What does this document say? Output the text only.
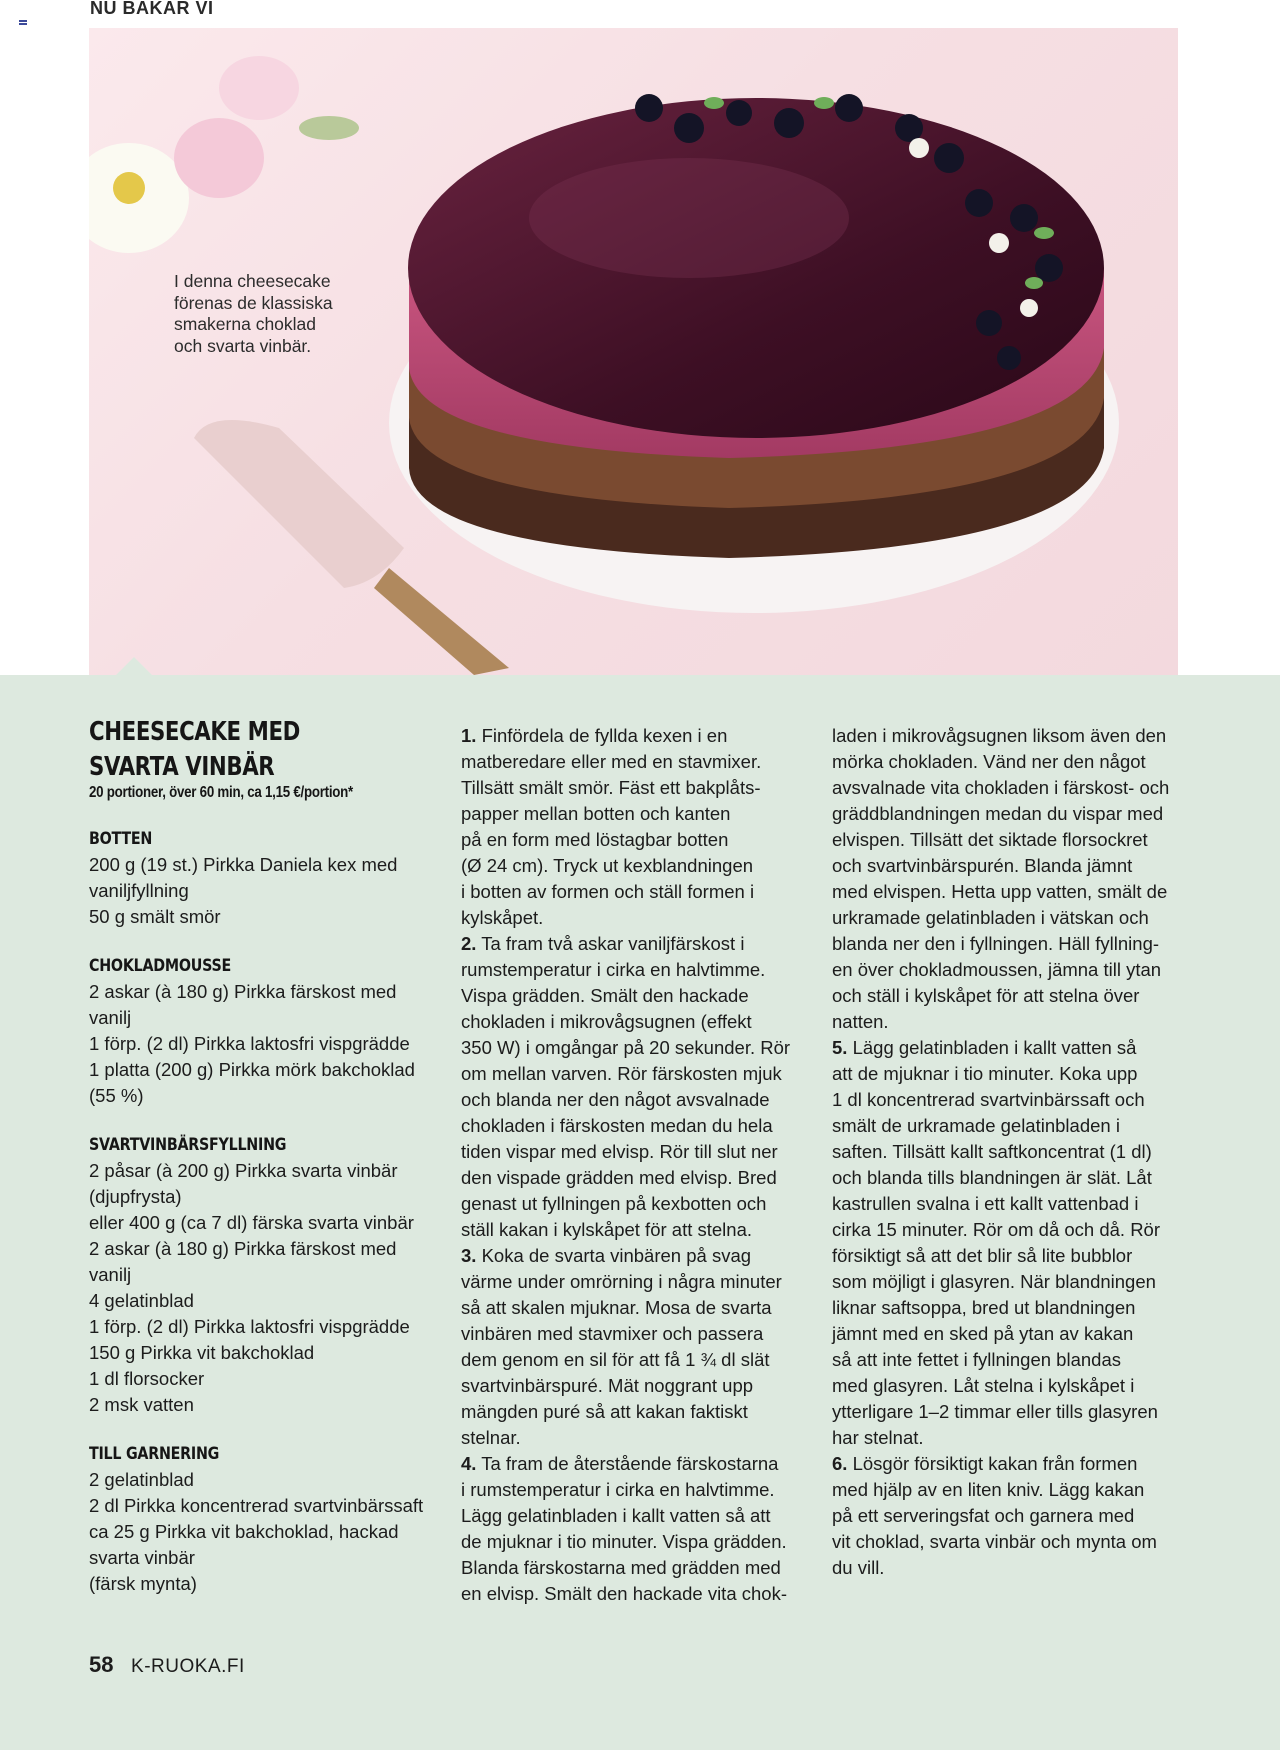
NU BAKAR VI
I denna cheesecake
förenas de klassiska
smakerna choklad
och svarta vinbär.
CHEESECAKE MED
SVARTA VINBÄR
20 portioner, över 60 min, ca 1,15 €/portion*
BOTTEN
200 g (19 st.) Pirkka Daniela kex med
vaniljfyllning
50 g smält smör
CHOKLADMOUSSE
2 askar (à 180 g) Pirkka färskost med
vanilj
1 förp. (2 dl) Pirkka laktosfri vispgrädde
1 platta (200 g) Pirkka mörk bakchoklad
(55 %)
SVARTVINBÄRSFYLLNING
2 påsar (à 200 g) Pirkka svarta vinbär
(djupfrysta)
eller 400 g (ca 7 dl) färska svarta vinbär
2 askar (à 180 g) Pirkka färskost med
vanilj
4 gelatinblad
1 förp. (2 dl) Pirkka laktosfri vispgrädde
150 g Pirkka vit bakchoklad
1 dl florsocker
2 msk vatten
TILL GARNERING
2 gelatinblad
2 dl Pirkka koncentrerad svartvinbärssaft
ca 25 g Pirkka vit bakchoklad, hackad
svarta vinbär
(färsk mynta)
1. Finfördela de fyllda kexen i en
matberedare eller med en stavmixer.
Tillsätt smält smör. Fäst ett bakplåts-
papper mellan botten och kanten
på en form med löstagbar botten
(Ø 24 cm). Tryck ut kexblandningen
i botten av formen och ställ formen i
kylskåpet.
2. Ta fram två askar vaniljfärskost i
rumstemperatur i cirka en halvtimme.
Vispa grädden. Smält den hackade
chokladen i mikrovågsugnen (effekt
350 W) i omgångar på 20 sekunder. Rör
om mellan varven. Rör färskosten mjuk
och blanda ner den något avsvalnade
chokladen i färskosten medan du hela
tiden vispar med elvisp. Rör till slut ner
den vispade grädden med elvisp. Bred
genast ut fyllningen på kexbotten och
ställ kakan i kylskåpet för att stelna.
3. Koka de svarta vinbären på svag
värme under omrörning i några minuter
så att skalen mjuknar. Mosa de svarta
vinbären med stavmixer och passera
dem genom en sil för att få 1 ¾ dl slät
svartvinbärspuré. Mät noggrant upp
mängden puré så att kakan faktiskt
stelnar.
4. Ta fram de återstående färskostarna
i rumstemperatur i cirka en halvtimme.
Lägg gelatinbladen i kallt vatten så att
de mjuknar i tio minuter. Vispa grädden.
Blanda färskostarna med grädden med
en elvisp. Smält den hackade vita chok-
laden i mikrovågsugnen liksom även den
mörka chokladen. Vänd ner den något
avsvalnade vita chokladen i färskost- och
gräddblandningen medan du vispar med
elvispen. Tillsätt det siktade florsockret
och svartvinbärspurén. Blanda jämnt
med elvispen. Hetta upp vatten, smält de
urkramade gelatinbladen i vätskan och
blanda ner den i fyllningen. Häll fyllning-
en över chokladmoussen, jämna till ytan
och ställ i kylskåpet för att stelna över
natten.
5. Lägg gelatinbladen i kallt vatten så
att de mjuknar i tio minuter. Koka upp
1 dl koncentrerad svartvinbärssaft och
smält de urkramade gelatinbladen i
saften. Tillsätt kallt saftkoncentrat (1 dl)
och blanda tills blandningen är slät. Låt
kastrullen svalna i ett kallt vattenbad i
cirka 15 minuter. Rör om då och då. Rör
försiktigt så att det blir så lite bubblor
som möjligt i glasyren. När blandningen
liknar saftsoppa, bred ut blandningen
jämnt med en sked på ytan av kakan
så att inte fettet i fyllningen blandas
med glasyren. Låt stelna i kylskåpet i
ytterligare 1–2 timmar eller tills glasyren
har stelnat.
6. Lösgör försiktigt kakan från formen
med hjälp av en liten kniv. Lägg kakan
på ett serveringsfat och garnera med
vit choklad, svarta vinbär och mynta om
du vill.
58 K-RUOKA.FI
